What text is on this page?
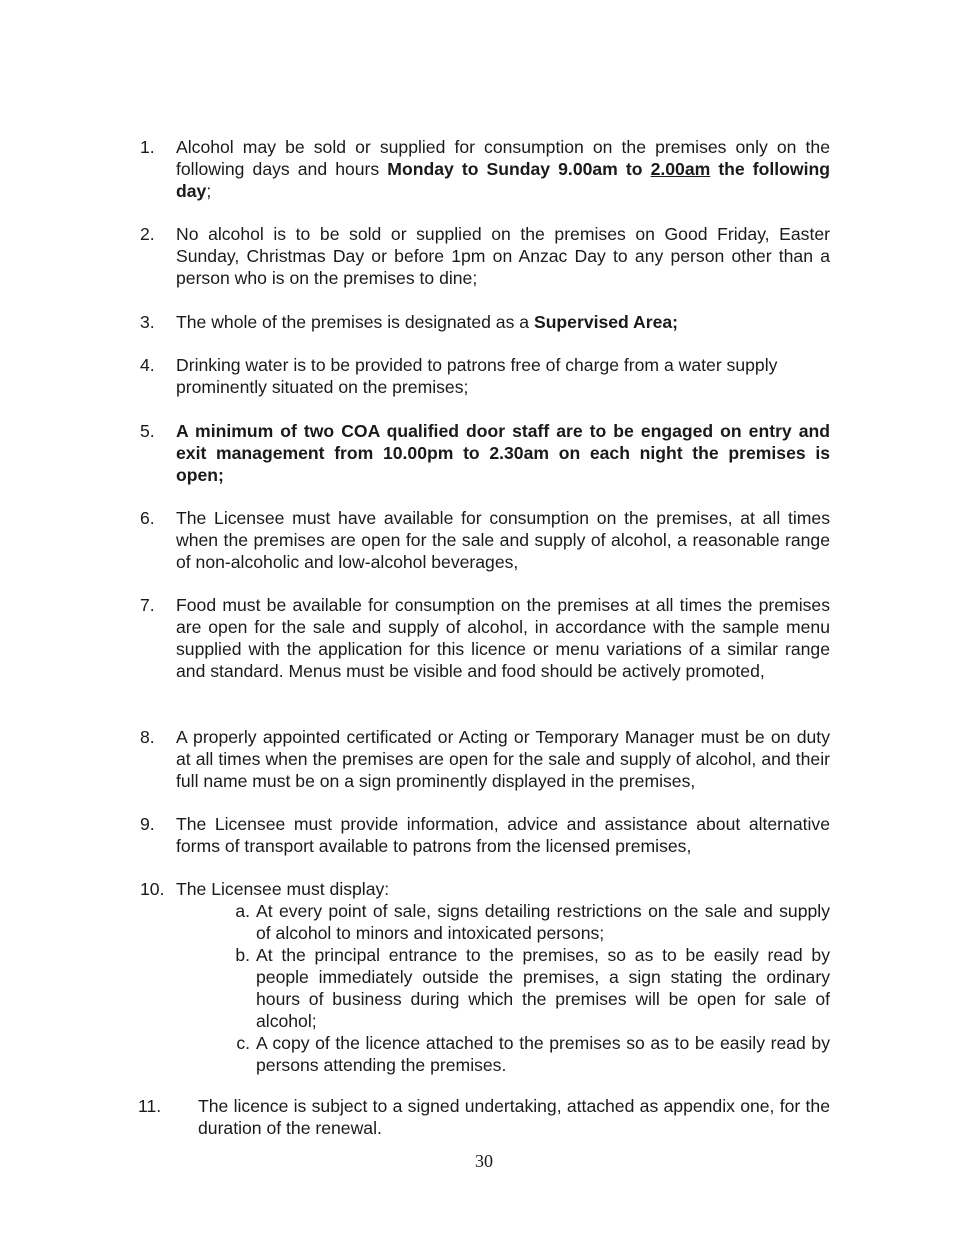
1.	Alcohol may be sold or supplied for consumption on the premises only on the following days and hours Monday to Sunday 9.00am to 2.00am the following day;
2.	No alcohol is to be sold or supplied on the premises on Good Friday, Easter Sunday, Christmas Day or before 1pm on Anzac Day to any person other than a person who is on the premises to dine;
3.	The whole of the premises is designated as a Supervised Area;
4.	Drinking water is to be provided to patrons free of charge from a water supply prominently situated on the premises;
5.	A minimum of two COA qualified door staff are to be engaged on entry and exit management from 10.00pm to 2.30am on each night the premises is open;
6.	The Licensee must have available for consumption on the premises, at all times when the premises are open for the sale and supply of alcohol, a reasonable range of non-alcoholic and low-alcohol beverages,
7.	Food must be available for consumption on the premises at all times the premises are open for the sale and supply of alcohol, in accordance with the sample menu supplied with the application for this licence or menu variations of a similar range and standard. Menus must be visible and food should be actively promoted,
8.	A properly appointed certificated or Acting or Temporary Manager must be on duty at all times when the premises are open for the sale and supply of alcohol, and their full name must be on a sign prominently displayed in the premises,
9.	The Licensee must provide information, advice and assistance about alternative forms of transport available to patrons from the licensed premises,
10. The Licensee must display:
a. At every point of sale, signs detailing restrictions on the sale and supply of alcohol to minors and intoxicated persons;
b. At the principal entrance to the premises, so as to be easily read by people immediately outside the premises, a sign stating the ordinary hours of business during which the premises will be open for sale of alcohol;
c. A copy of the licence attached to the premises so as to be easily read by persons attending the premises.
11.	The licence is subject to a signed undertaking, attached as appendix one, for the duration of the renewal.
30
